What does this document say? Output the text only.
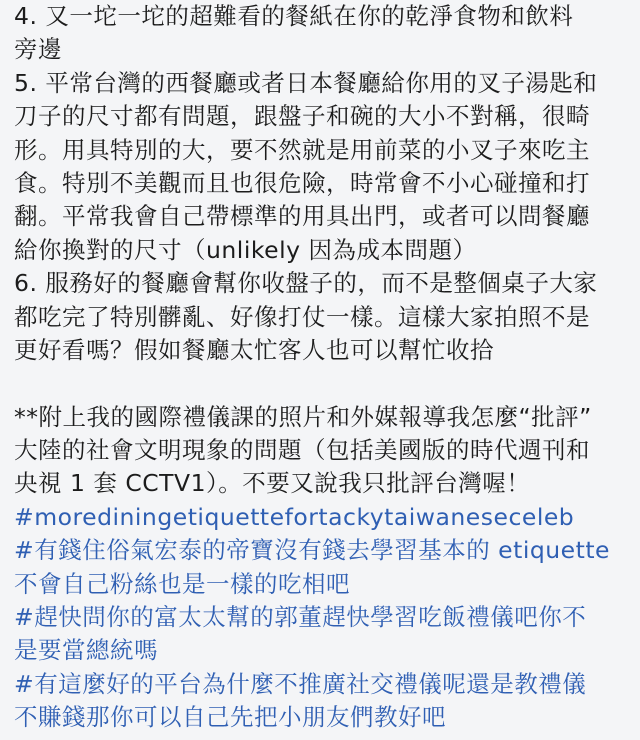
4. 又一坨一坨的超難看的餐紙在你的乾淨食物和飲料
旁邊
5. 平常台灣的西餐廳或者日本餐廳給你用的叉子湯匙和
刀子的尺寸都有問題，跟盤子和碗的大小不對稱，很畸
形。用具特別的大，要不然就是用前菜的小叉子來吃主
食。特別不美觀而且也很危險，時常會不小心碰撞和打
翻。平常我會自己帶標準的用具出門，或者可以問餐廳
給你換對的尺寸（unlikely 因為成本問題）
6. 服務好的餐廳會幫你收盤子的，而不是整個桌子大家
都吃完了特別髒亂、好像打仗一樣。這樣大家拍照不是
更好看嗎？假如餐廳太忙客人也可以幫忙收拾
**附上我的國際禮儀課的照片和外媒報導我怎麼“批評”
大陸的社會文明現象的問題（包括美國版的時代週刊和
央視 1 套 CCTV1）。不要又說我只批評台灣喔！
#morediningetiquettefortackytaiwaneseceleb
#有錢住俗氣宏泰的帝寶沒有錢去學習基本的 etiquette
不會自己粉絲也是一樣的吃相吧
#趕快問你的富太太幫的郭董趕快學習吃飯禮儀吧你不
是要當總統嗎
#有這麼好的平台為什麼不推廣社交禮儀呢還是教禮儀
不賺錢那你可以自己先把小朋友們教好吧
